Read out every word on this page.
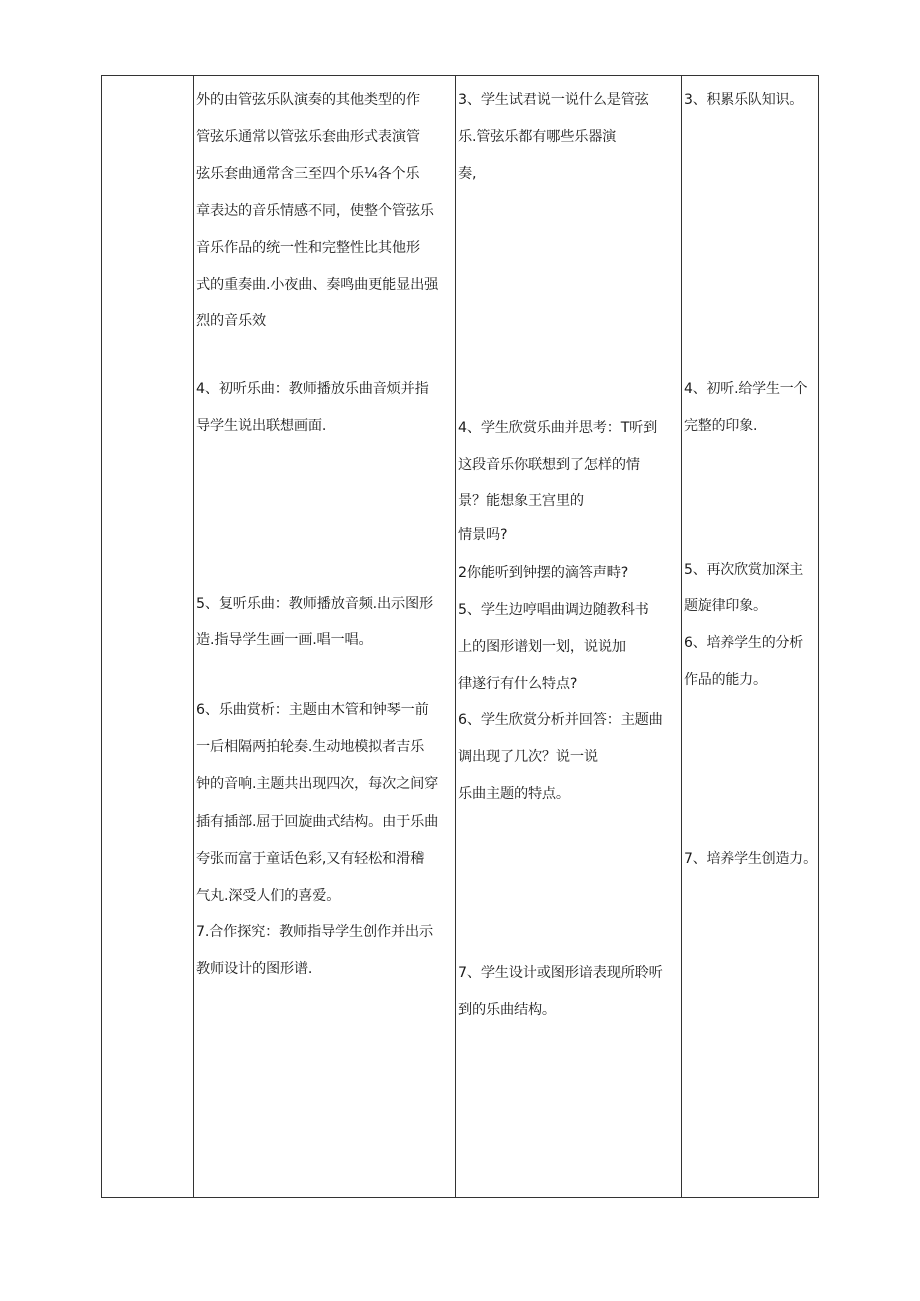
外的由管弦乐队演奏的其他类型的作
管弦乐通常以管弦乐套曲形式表演管
弦乐套曲通常含三至四个乐¼各个乐
章表达的音乐情感不同，使整个管弦乐
音乐作品的统一性和完整性比其他形
式的重奏曲.小夜曲、奏鸣曲更能显出强
烈的音乐效
4、初听乐曲：教师播放乐曲音烦并指
导学生说出联想画面.
5、复听乐曲：教师播放音频.出示图形
造.指导学生画一画.唱一唱。
6、乐曲赏析：主题由木管和钟琴一前
一后相隔两拍轮奏.生动地模拟者吉乐
钟的音响.主题共出现四次，每次之间穿
插有插部.屈于回旋曲式结构。由于乐曲
夸张而富于童话色彩,又有轻松和滑稽
气丸.深受人们的喜爱。
7.合作探究：教师指导学生创作并出示
教师设计的图形谱.
3、学生试君说一说什么是管弦
乐.管弦乐都有哪些乐器演
奏,
4、学生欣赏乐曲并思考：T听到
这段音乐你联想到了怎样的情
景？能想象王宫里的
情景吗?
2你能听到钟摆的滴答声畤?
5、学生边哼唱曲调边随教科书
上的图形谱划一划，说说加
律遂行有什么特点?
6、学生欣赏分析并回答：主题曲
调出现了几次？说一说
乐曲主题的特点。
7、学生设计或图形谙表现所聆听
到的乐曲结构。
3、积累乐队知识。
4、初听.给学生一个
完整的印象.
5、再次欣赏加深主
题旋律印象。
6、培养学生的分析
作品的能力。
7、培养学生创造力。
